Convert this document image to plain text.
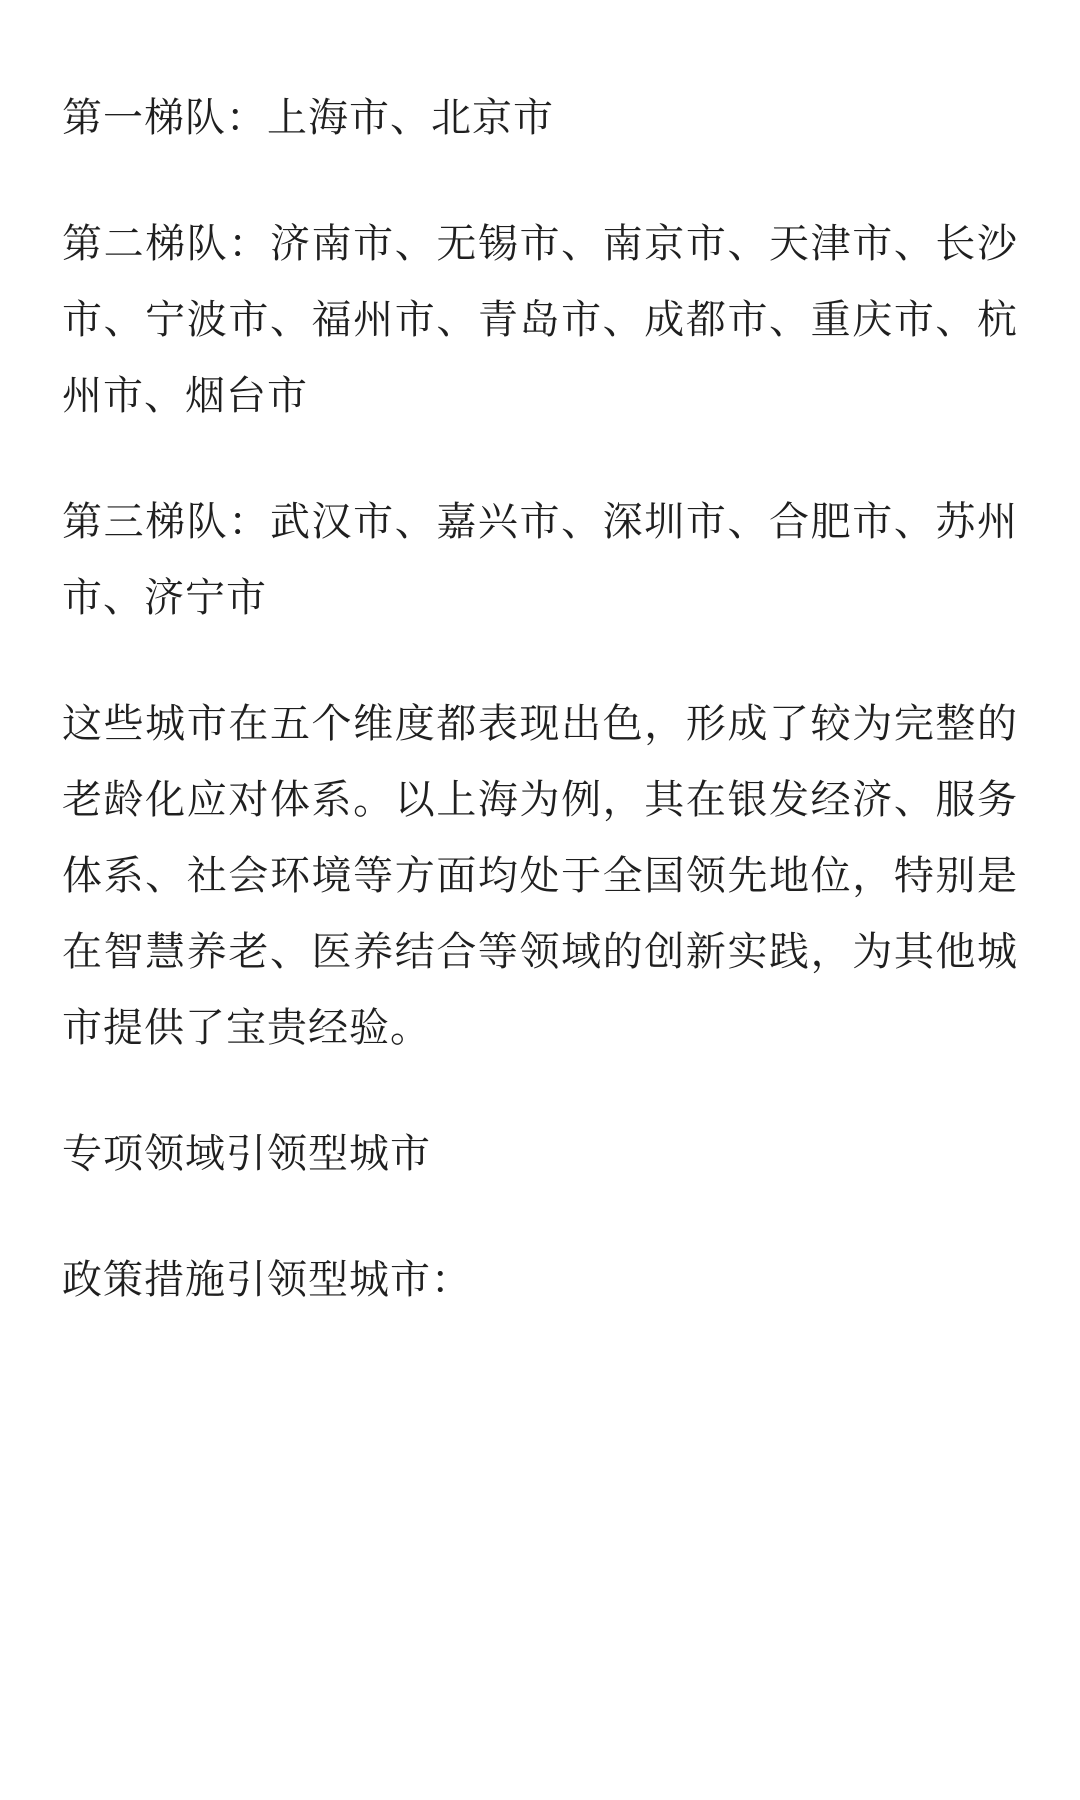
第一梯队：上海市、北京市

第二梯队：济南市、无锡市、南京市、天津市、长沙市、宁波市、福州市、青岛市、成都市、重庆市、杭州市、烟台市

第三梯队：武汉市、嘉兴市、深圳市、合肥市、苏州市、济宁市

这些城市在五个维度都表现出色，形成了较为完整的老龄化应对体系。以上海为例，其在银发经济、服务体系、社会环境等方面均处于全国领先地位，特别是在智慧养老、医养结合等领域的创新实践，为其他城市提供了宝贵经验。

专项领域引领型城市

政策措施引领型城市：
